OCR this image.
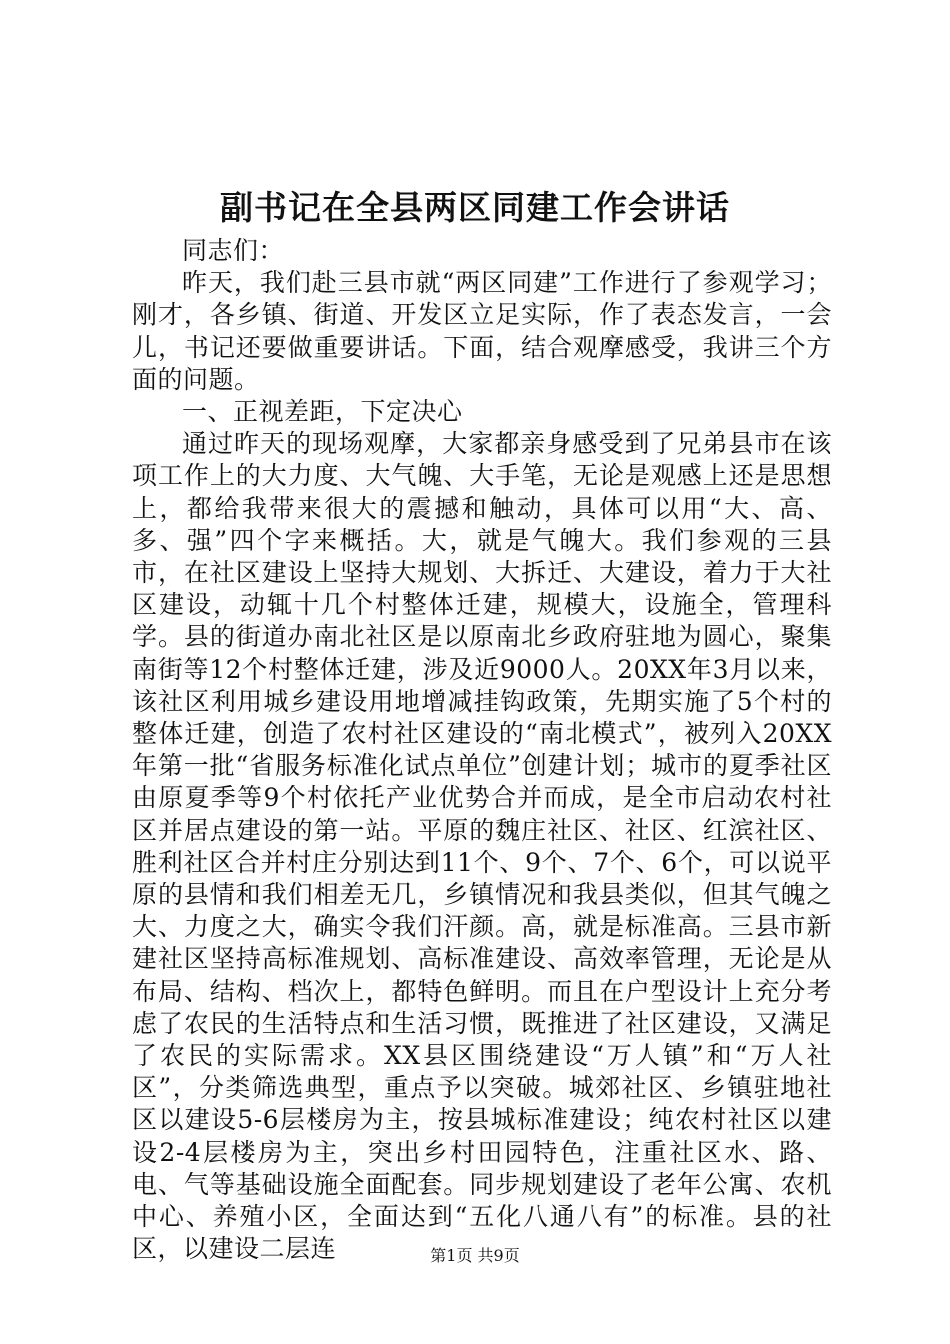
副书记在全县两区同建工作会讲话

同志们：

昨天，我们赴三县市就“两区同建”工作进行了参观学习；刚才，各乡镇、街道、开发区立足实际，作了表态发言，一会儿，书记还要做重要讲话。下面，结合观摩感受，我讲三个方面的问题。

一、正视差距，下定决心

通过昨天的现场观摩，大家都亲身感受到了兄弟县市在该项工作上的大力度、大气魄、大手笔，无论是观感上还是思想上，都给我带来很大的震撼和触动，具体可以用“大、高、多、强”四个字来概括。大，就是气魄大。我们参观的三县市，在社区建设上坚持大规划、大拆迁、大建设，着力于大社区建设，动辄十几个村整体迁建，规模大，设施全，管理科学。县的街道办南北社区是以原南北乡政府驻地为圆心，聚集南街等12个村整体迁建，涉及近9000人。20XX年3月以来，该社区利用城乡建设用地增减挂钩政策，先期实施了5个村的整体迁建，创造了农村社区建设的“南北模式”，被列入20XX年第一批“省服务标准化试点单位”创建计划；城市的夏季社区由原夏季等9个村依托产业优势合并而成，是全市启动农村社区并居点建设的第一站。平原的魏庄社区、社区、红滨社区、胜利社区合并村庄分别达到11个、9个、7个、6个，可以说平原的县情和我们相差无几，乡镇情况和我县类似，但其气魄之大、力度之大，确实令我们汗颜。高，就是标准高。三县市新建社区坚持高标准规划、高标准建设、高效率管理，无论是从布局、结构、档次上，都特色鲜明。而且在户型设计上充分考虑了农民的生活特点和生活习惯，既推进了社区建设，又满足了农民的实际需求。XX县区围绕建设“万人镇”和“万人社区”，分类筛选典型，重点予以突破。城郊社区、乡镇驻地社区以建设5-6层楼房为主，按县城标准建设；纯农村社区以建设2-4层楼房为主，突出乡村田园特色，注重社区水、路、电、气等基础设施全面配套。同步规划建设了老年公寓、农机中心、养殖小区，全面达到“五化八通八有”的标准。县的社区，以建设二层连	第1页 共9页
